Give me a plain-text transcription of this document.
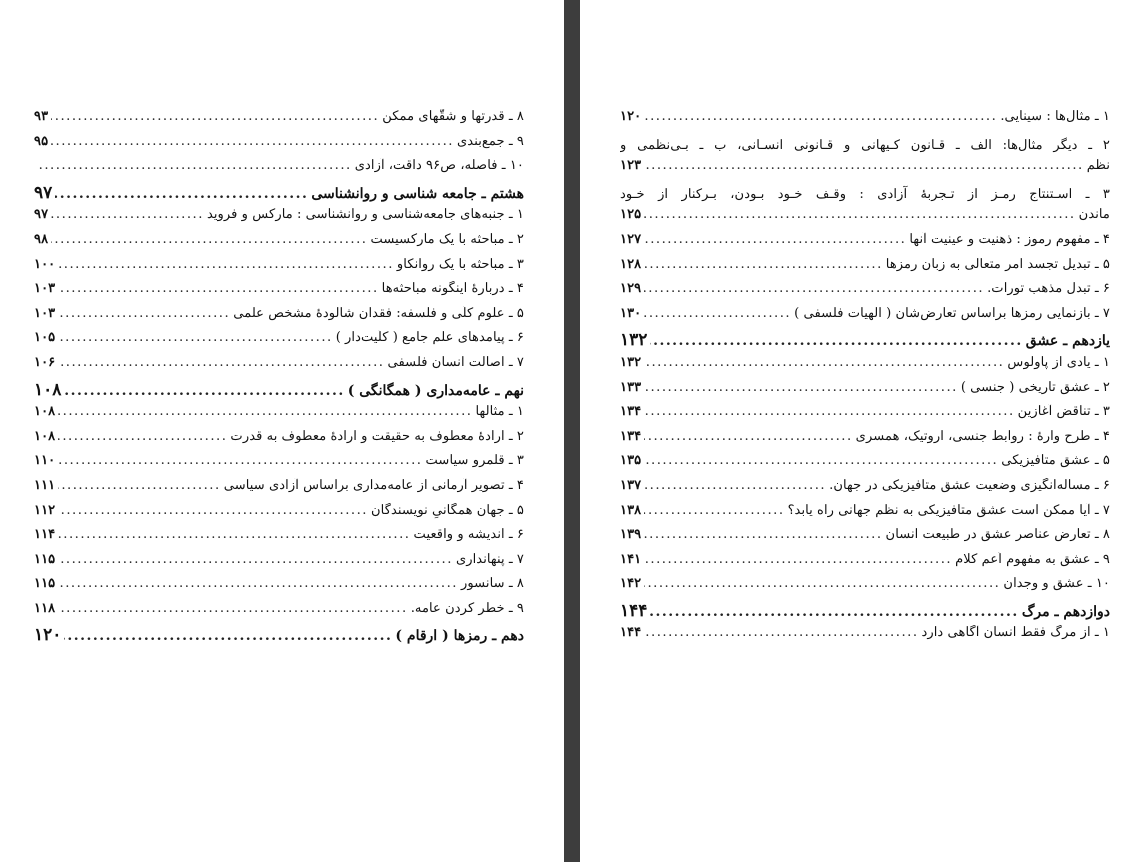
۸ ـ قدرتها و شقّهای ممکن
.....
۹۳
۹ ـ جمع‌بندی
.....
۹۵
۱۰ ـ فاصله، ص۹۶ داقت، آزادی
.....
هشتم ـ جامعه شناسی و روانشناسی
.....
۹۷
۱ ـ جنبه‌های جامعه‌شناسی و روانشناسی : مارکس و فروید
.....
۹۷
۲ ـ مباحثه با یک مارکسیست
.....
۹۸
۳ ـ مباحثه با یک روانکاو
.....
۱۰۰
۴ ـ دربارهٔ اینگونه مباحثه‌ها
.....
۱۰۳
۵ ـ علوم کلّی و فلسفه: فقدان شالودهٔ مشخص علمی
.....
۱۰۳
۶ ـ پیامدهای علم جامع ( کلّیت‌دار )
.....
۱۰۵
۷ ـ اصالت انسان فلسفی
.....
۱۰۶
نهم ـ عامه‌مداری ( همگانگی )
.....
۱۰۸
۱ ـ مثالها
.....
۱۰۸
۲ ـ ارادهٔ معطوف به حقیقت و ارادهٔ معطوف به قدرت
.....
۱۰۸
۳ ـ قلمرو سیاست
.....
۱۱۰
۴ ـ تصویر آرمانی از عامه‌مداری براساس آزادی سیاسی
.....
۱۱۱
۵ ـ جهان همگانیِ نویسندگان
.....
۱۱۲
۶ ـ اندیشه و واقعیت
.....
۱۱۴
۷ ـ پنهانداری
.....
۱۱۵
۸ ـ سانسور
.....
۱۱۵
۹ ـ خطر کردن عامه.
.....
۱۱۸
دهم ـ رمزها ( ارقام )
.....
۱۲۰
۱ ـ مثال‌ها : سینایی.
.....
۱۲۰
۲ ـ دیگر مثال‌ها: الف ـ قـانون کـیهانی و قـانونی انسـانی، ب ـ بـی‌نظمی و
نظم
.....
۱۲۳
۳ ـ اسـتنتاج رمـز از تـجربهٔ آزادی : وقـف خـود بـودن، بـرکنار از خـود
ماندن
.....
۱۲۵
۴ ـ مفهوم رموز : ذهنیت و عینیت آنها
.....
۱۲۷
۵ ـ تبدیل تجسد امر متعالی به زبان رمزها
.....
۱۲۸
۶ ـ تبدل مذهب تورات.
.....
۱۲۹
۷ ـ بازنمایی رمزها براساس تعارض‌شان ( الهیات فلسفی )
.....
۱۳۰
یازدهم ـ عشق
.....
۱۳۲
۱ ـ یادی از پاولوس
.....
۱۳۲
۲ ـ عشق تاریخی ( جنسی )
.....
۱۳۳
۳ ـ تناقض آغازین
.....
۱۳۴
۴ ـ طرح وارهٔ : روابط جنسی، اروتیک، همسری
.....
۱۳۴
۵ ـ عشق متافیزیکی
.....
۱۳۵
۶ ـ مساله‌انگیزی وضعیت عشق متافیزیکی در جهان.
.....
۱۳۷
۷ ـ آیا ممکن است عشق متافیزیکی به نظم جهانی راه یابد؟
.....
۱۳۸
۸ ـ تعارض عناصر عشق در طبیعت انسان
.....
۱۳۹
۹ ـ عشق به مفهوم اَعم کلام
.....
۱۴۱
۱۰ ـ عشق و وجدان
.....
۱۴۲
دوازدهم ـ مرگ
.....
۱۴۴
۱ ـ از مرگ فقط انسان آگاهی دارد
.....
۱۴۴
